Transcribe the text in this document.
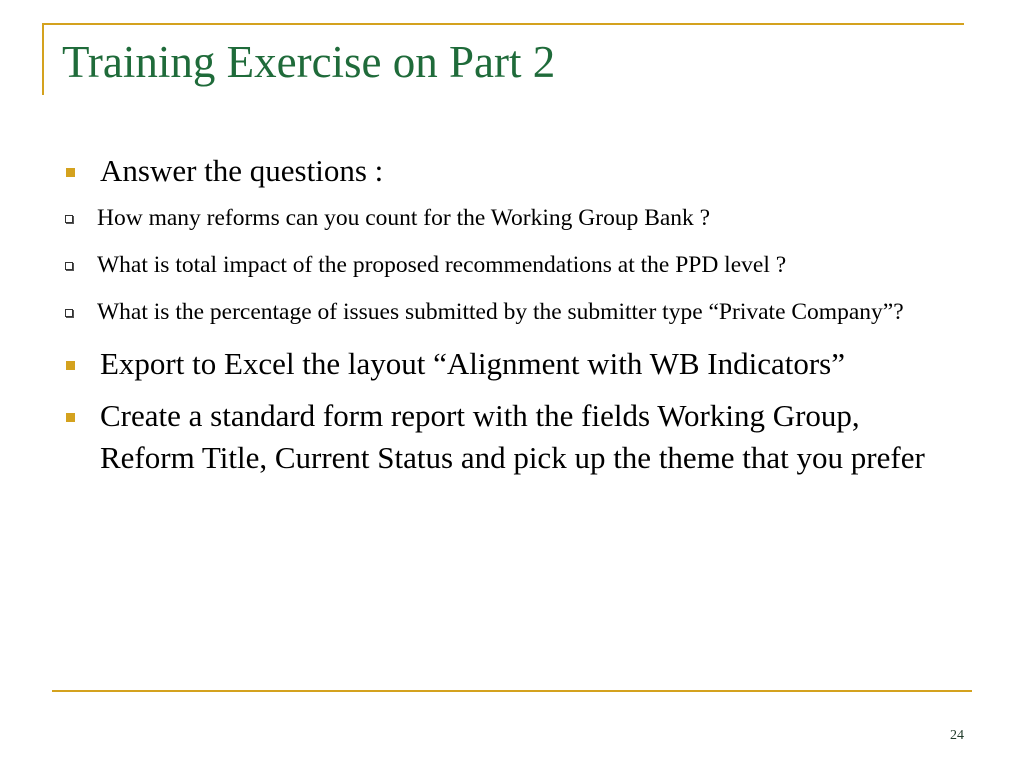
Training Exercise on Part 2
Answer the questions :
How many reforms can you count for the Working Group Bank ?
What is total impact of the proposed recommendations at the PPD level ?
What is the percentage of issues submitted by the submitter type “Private Company”?
Export to Excel the layout “Alignment with WB Indicators”
Create a standard form report with the fields Working Group, Reform Title, Current Status and pick up the theme that you prefer
24
